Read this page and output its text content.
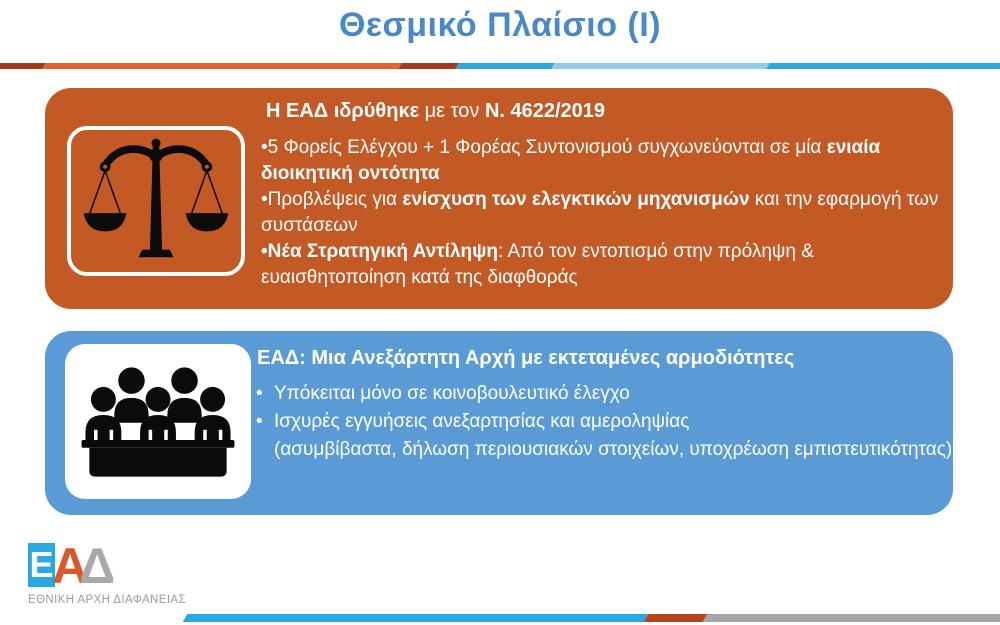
Θεσμικό Πλαίσιο (Ι)
Η ΕΑΔ ιδρύθηκε με τον Ν. 4622/2019

•5 Φορείς Ελέγχου + 1 Φορέας Συντονισμού συγχωνεύονται σε μία ενιαία διοικητική οντότητα

•Προβλέψεις για ενίσχυση των ελεγκτικών μηχανισμών και την εφαρμογή των συστάσεων

•Νέα Στρατηγική Αντίληψη: Από τον εντοπισμό στην πρόληψη & ευαισθητοποίηση κατά της διαφθοράς

ΕΑΔ: Μια Ανεξάρτητη Αρχή με εκτεταμένες αρμοδιότητες
• Υπόκειται μόνο σε κοινοβουλευτικό έλεγχο
• Ισχυρές εγγυήσεις ανεξαρτησίας και αμεροληψίας
(ασυμβίβαστα, δήλωση περιουσιακών στοιχείων, υποχρέωση εμπιστευτικότητας)
Ε
Α
Δ
ΕΘΝΙΚΗ ΑΡΧΗ ΔΙΑΦΑΝΕΙΑΣ
